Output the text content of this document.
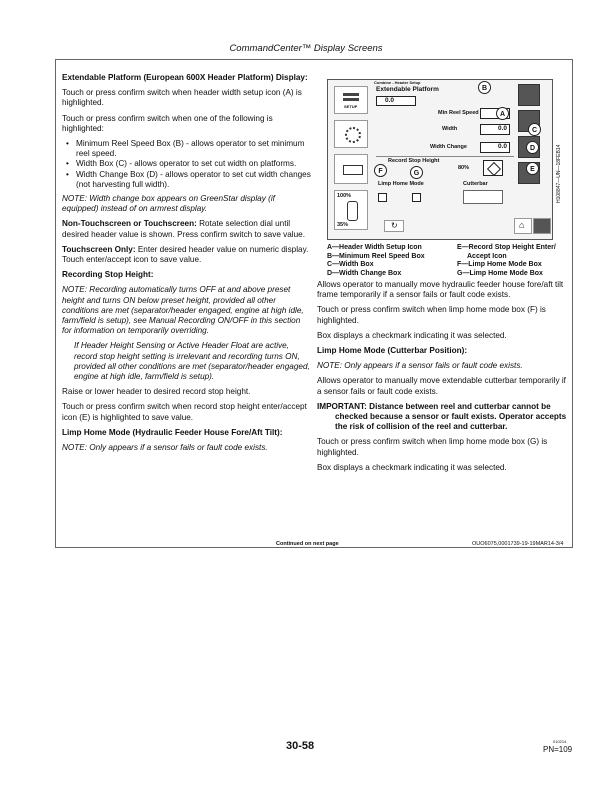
CommandCenter™ Display Screens

Extendable Platform (European 600X Header Platform) Display:

Touch or press confirm switch when header width setup icon (A) is highlighted.

Touch or press confirm switch when one of the following is highlighted:

• Minimum Reel Speed Box (B) - allows operator to set minimum reel speed.
• Width Box (C) - allows operator to set cut width on platforms.
• Width Change Box (D) - allows operator to set cut width changes (not harvesting full width).

NOTE: Width change box appears on GreenStar display (if equipped) instead of on armrest display.

Non-Touchscreen or Touchscreen: Rotate selection dial until desired header value is shown. Press confirm switch to save value.

Touchscreen Only: Enter desired header value on numeric display. Touch enter/accept icon to save value.

Recording Stop Height:

NOTE: Recording automatically turns OFF at and above preset height and turns ON below preset height, provided all other conditions are met (separator/header engaged, engine at high idle, farm/field is setup), see Manual Recording ON/OFF in this section for information on temporarily overriding.

If Header Height Sensing or Active Header Float are active, record stop height setting is irrelevant and recording turns ON, provided all other conditions are met (separator/header engaged, engine at high idle, farm/field is setup).

Raise or lower header to desired record stop height.

Touch or press confirm switch when record stop height enter/accept icon (E) is highlighted to save value.

Limp Home Mode (Hydraulic Feeder House Fore/Aft Tilt):

NOTE: Only appears if a sensor fails or fault code exists.

SETUP
100%
35%
Combine - Header Setup
Extendable Platform
0.0
Min Reel Speed
Width	0.0
Width Change	0.0
Record Stop Height
80%
Limp Home Mode	Cutterbar
↻	⌂
B
A
C
D
E
F	G	H108847—UN—18FEB14
A—Header Width Setup Icon
B—Minimum Reel Speed Box
C—Width Box
D—Width Change Box
E—Record Stop Height Enter/
Accept Icon
F—Limp Home Mode Box
G—Limp Home Mode Box

Allows operator to manually move hydraulic feeder house fore/aft tilt frame temporarily if a sensor fails or fault code exists.

Touch or press confirm switch when limp home mode box (F) is highlighted.

Box displays a checkmark indicating it was selected.

Limp Home Mode (Cutterbar Position):

NOTE: Only appears if a sensor fails or fault code exists.

Allows operator to manually move extendable cutterbar temporarily if a sensor fails or fault code exists.

IMPORTANT: Distance between reel and cutterbar cannot be checked because a sensor or fault exists. Operator accepts the risk of collision of the reel and cutterbar.

Touch or press confirm switch when limp home mode box (G) is highlighted.

Box displays a checkmark indicating it was selected.

Continued on next page	OUO6075,0001739-19-19MAR14-3/4
30-58	010214
PN=109
